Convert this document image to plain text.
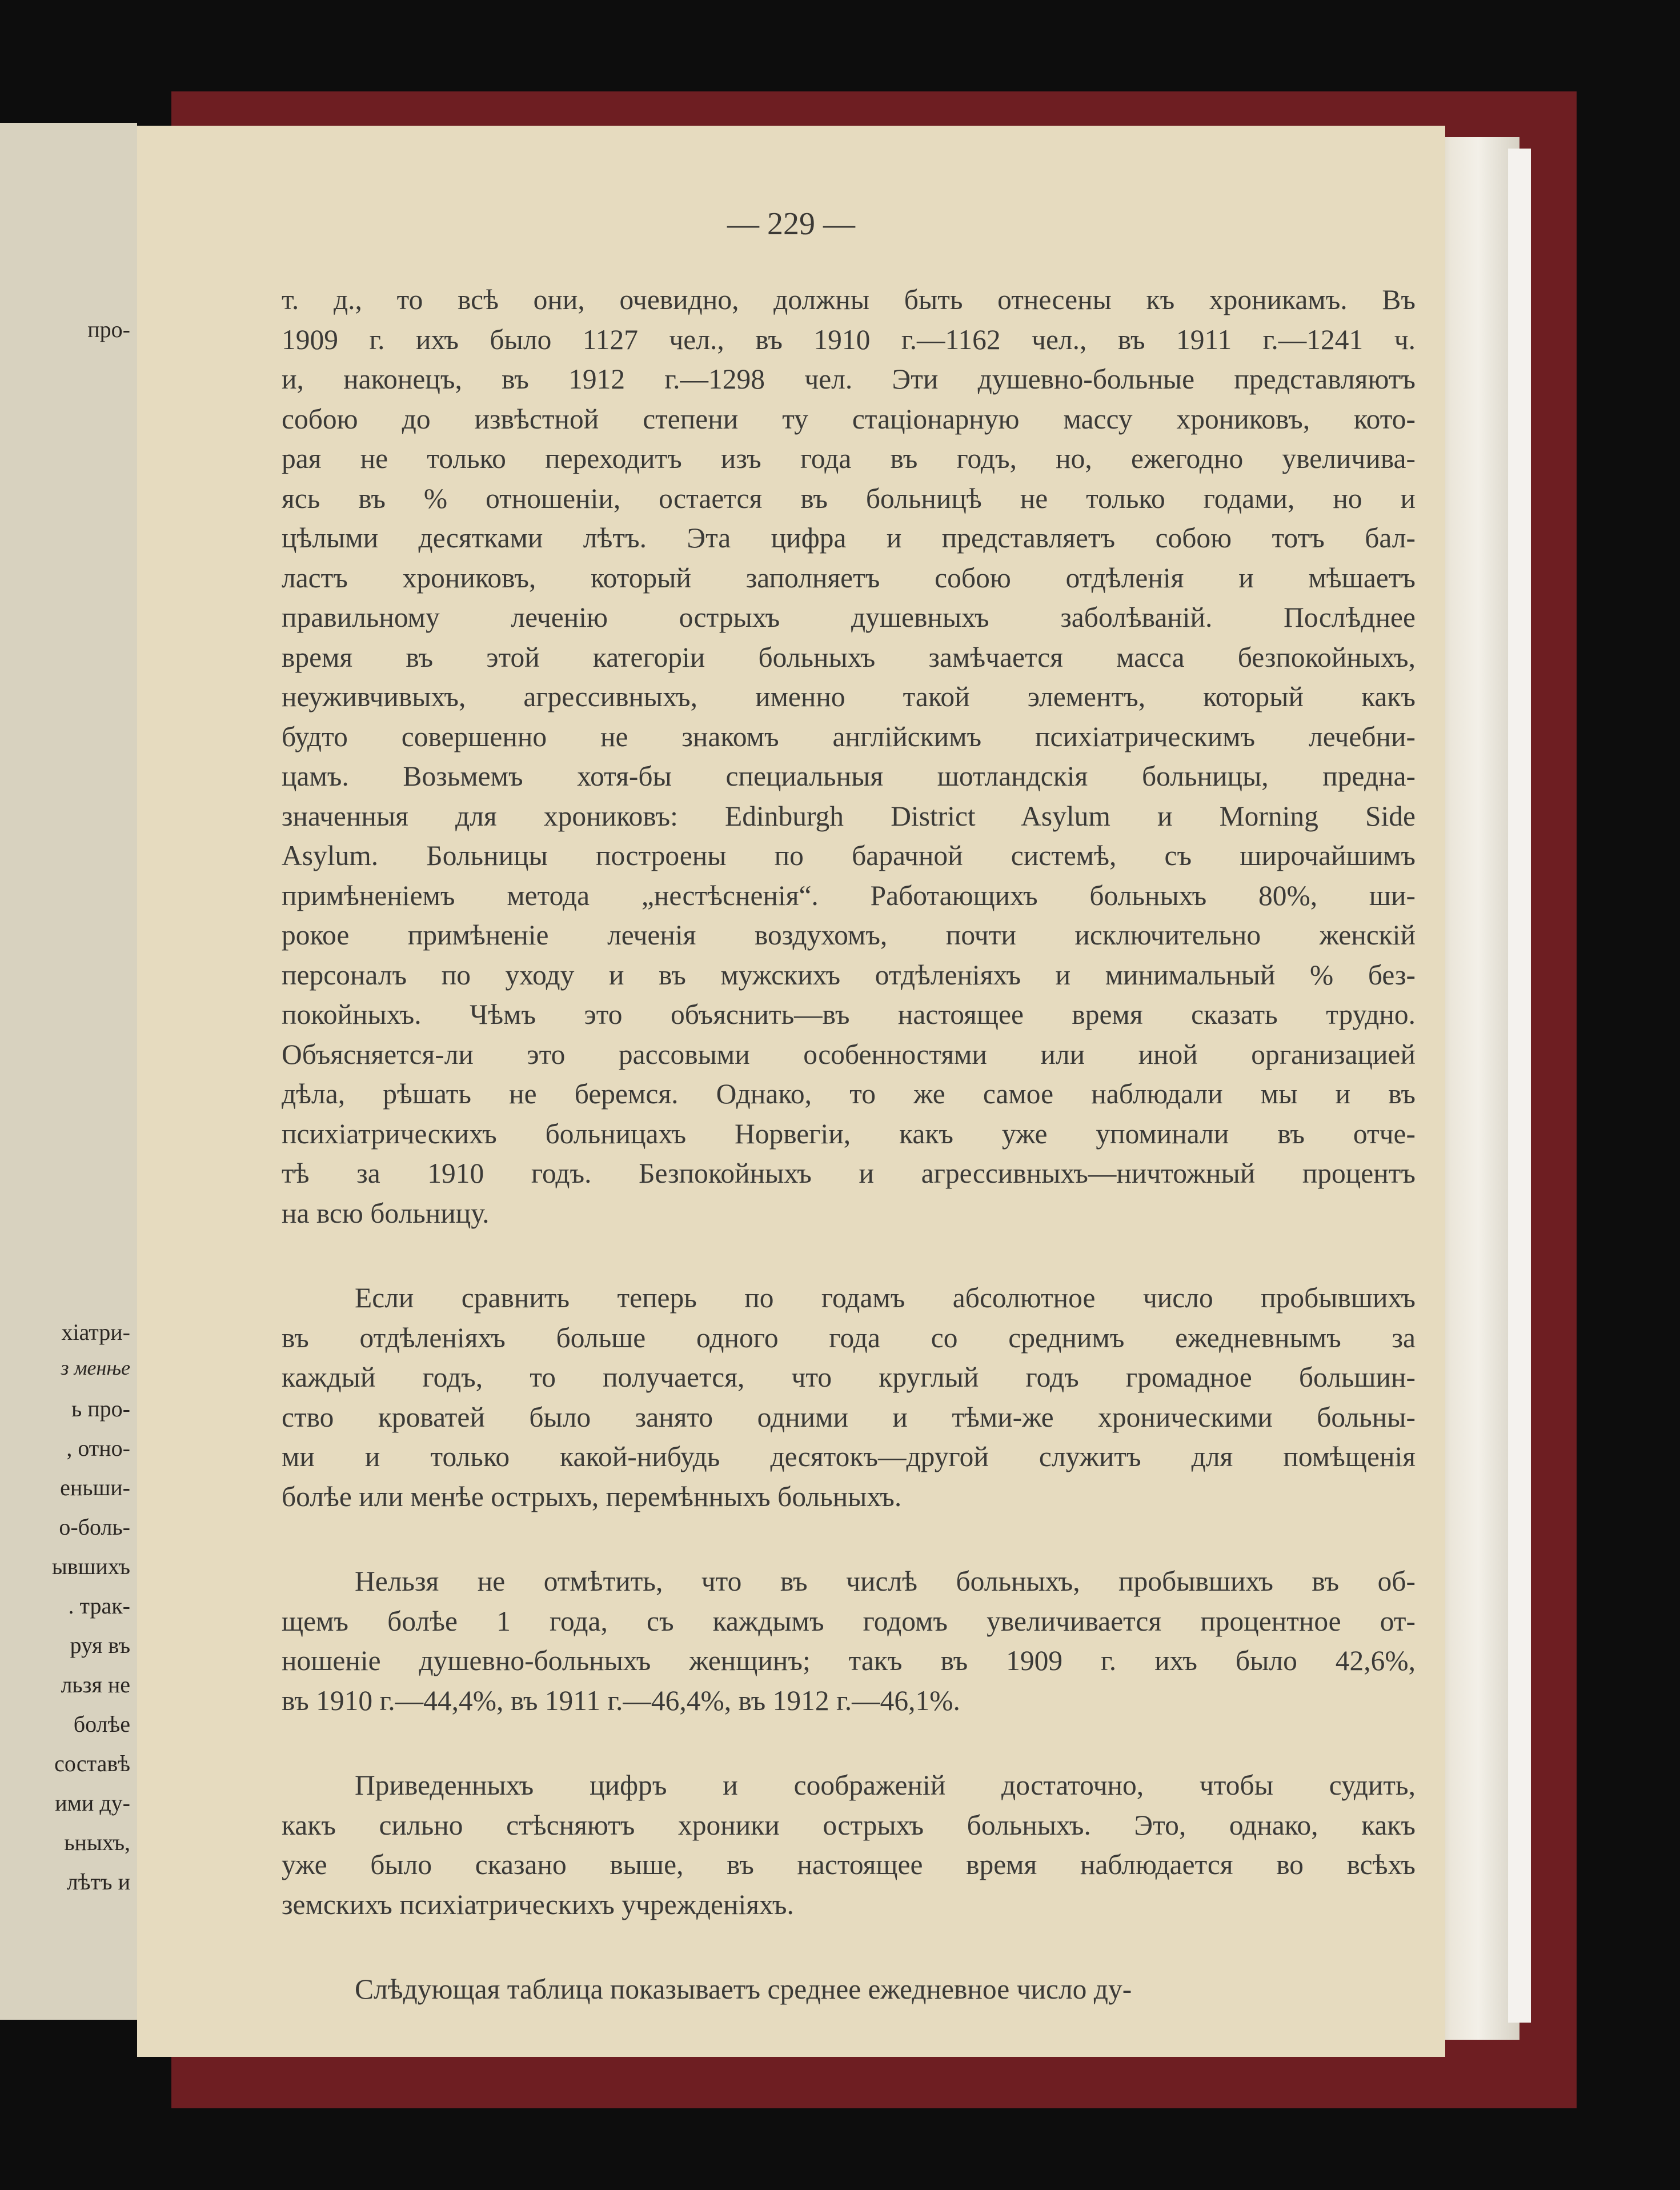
про-
хіатри-
з менње
ь про-
, отно-
еньши-
о-боль-
ывшихъ
. трак-
руя въ
льзя не
болѣе
составѣ
ими ду-
ьныхъ,
лѣтъ и
— 229 —
т. д., то всѣ они, очевидно, должны быть отнесены къ хроникамъ. Въ
1909 г. ихъ было 1127 чел., въ 1910 г.—1162 чел., въ 1911 г.—1241 ч.
и, наконецъ, въ 1912 г.—1298 чел. Эти душевно-больные представляютъ
собою до извѣстной степени ту стаціонарную массу хрониковъ, кото-
рая не только переходитъ изъ года въ годъ, но, ежегодно увеличива-
ясь въ % отношеніи, остается въ больницѣ не только годами, но и
цѣлыми десятками лѣтъ. Эта цифра и представляетъ собою тотъ бал-
ластъ хрониковъ, который заполняетъ собою отдѣленія и мѣшаетъ
правильному леченію острыхъ душевныхъ заболѣваній. Послѣднее
время въ этой категоріи больныхъ замѣчается масса безпокойныхъ,
неуживчивыхъ, агрессивныхъ, именно такой элементъ, который какъ
будто совершенно не знакомъ англійскимъ психіатрическимъ лечебни-
цамъ. Возьмемъ хотя-бы специальныя шотландскія больницы, предна-
значенныя для хрониковъ: Edinburgh District Asylum и Morning Side
Asylum. Больницы построены по барачной системѣ, съ широчайшимъ
примѣненіемъ метода „нестѣсненія“. Работающихъ больныхъ 80%, ши-
рокое примѣненіе леченія воздухомъ, почти исключительно женскій
персоналъ по уходу и въ мужскихъ отдѣленіяхъ и минимальный % без-
покойныхъ. Чѣмъ это объяснить—въ настоящее время сказать трудно.
Объясняется-ли это рассовыми особенностями или иной организацией
дѣла, рѣшать не беремся. Однако, то же самое наблюдали мы и въ
психіатрическихъ больницахъ Норвегіи, какъ уже упоминали въ отче-
тѣ за 1910 годъ. Безпокойныхъ и агрессивныхъ—ничтожный процентъ
на всю больницу.
Если сравнить теперь по годамъ абсолютное число пробывшихъ
въ отдѣленіяхъ больше одного года со среднимъ ежедневнымъ за
каждый годъ, то получается, что круглый годъ громадное большин-
ство кроватей было занято одними и тѣми-же хроническими больны-
ми и только какой-нибудь десятокъ—другой служитъ для помѣщенія
болѣе или менѣе острыхъ, перемѣнныхъ больныхъ.
Нельзя не отмѣтить, что въ числѣ больныхъ, пробывшихъ въ об-
щемъ болѣе 1 года, съ каждымъ годомъ увеличивается процентное от-
ношеніе душевно-больныхъ женщинъ; такъ въ 1909 г. ихъ было 42,6%,
въ 1910 г.—44,4%, въ 1911 г.—46,4%, въ 1912 г.—46,1%.
Приведенныхъ цифръ и соображеній достаточно, чтобы судить,
какъ сильно стѣсняютъ хроники острыхъ больныхъ. Это, однако, какъ
уже было сказано выше, въ настоящее время наблюдается во всѣхъ
земскихъ психіатрическихъ учрежденіяхъ.
Слѣдующая таблица показываетъ среднее ежедневное число ду-
